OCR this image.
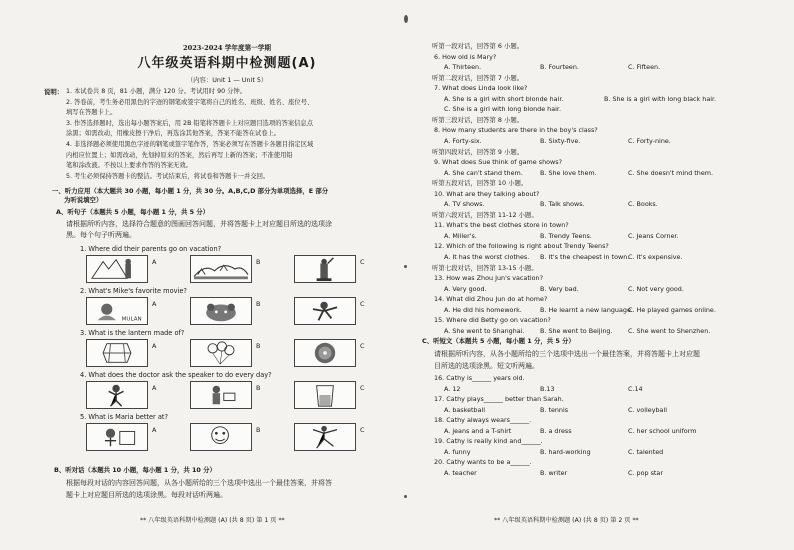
2023-2024 学年度第一学期
八年级英语科期中检测题(A)
（内容：Unit 1 — Unit 5）
说明： 1. 本试卷共 8 页，81 小题，满分 120 分。考试用时 90 分钟。
2. 答卷前，考生务必用黑色的字迹的钢笔或签字笔将自己的姓名、班级、姓名、座位号、
填写在答题卡上。
3. 作答选择题时，选出每小题答案后，用 2B 铅笔将答题卡上对应题目选项的答案信息点
涂黑；如需改动，用橡皮擦干净后，再选涂其他答案，答案不能答在试卷上。
4. 非选择题必须使用黑色字迹的钢笔或签字笔作答，答案必须写在答题卡各题目指定区域
内相应位置上；如需改动，先划掉原来的答案，然后再写上新的答案；不准使用铅
笔和涂改液。不按以上要求作答的答案无效。
5. 考生必须保持答题卡的整洁。考试结束后，将试卷和答题卡一并交回。
一、听力应用（本大题共 30 小题，每小题 1 分，共 30 分。A,B,C,D 部分为单项选择，E 部分
为听说填空）
A、听句子（本题共 5 小题，每小题 1 分，共 5 分）
请根据所听内容，选择符合题意的图画回答问题，并将答题卡上对应题目所选的选项涂
黑。每个句子听两遍。
1. Where did their parents go on vacation?
A	B	C
2. What's Mike's favorite movie?
MULAN
A	B	C
3. What is the lantern made of?
A	B	C
4. What does the doctor ask the speaker to do every day?
A	B	C
5. What is Maria better at?
A	B	C
B、听对话（本题共 10 小题，每小题 1 分，共 10 分）
根据每段对话的内容回答问题，从各小题所给的三个选项中选出一个最佳答案，并将答
题卡上对应题目所选的选项涂黑。每段对话听两遍。
听第一段对话，回答第 6 小题。
6. How old is Mary?
A. Thirteen.	B. Fourteen.	C. Fifteen.
听第二段对话，回答第 7 小题。
7. What does Linda look like?
A. She is a girl with short blonde hair.	B. She is a girl with long black hair.
C. She is a girl with long blonde hair.
听第三段对话，回答第 8 小题。
8. How many students are there in the boy's class?
A. Forty-six.	B. Sixty-five.	C. Forty-nine.
听第四段对话，回答第 9 小题。
9. What does Sue think of game shows?
A. She can't stand them.	B. She love them.	C. She doesn't mind them.
听第五段对话，回答第 10 小题。
10. What are they talking about?
A. TV shows.	B. Talk shows.	C. Books.
听第六段对话，回答第 11-12 小题。
11. What's the best clothes store in town?
A. Miller's.	B. Trendy Teens.	C. Jeans Corner.
12. Which of the following is right about Trendy Teens?
A. It has the worst clothes. B. It's the cheapest in town.
C. It's expensive.
听第七段对话，回答第 13-15 小题。
13. How was Zhou Jun's vacation?
A. Very good.	B. Very bad.	C. Not very good.
14. What did Zhou Jun do at home?
A. He did his homework.	B. He learnt a new language.
C. He played games online.
15. Where did Betty go on vacation?
A. She went to Shanghai. B. She went to Beijing. C. She went to Shenzhen.
C、听短文（本题共 5 小题，每小题 1 分，共 5 分）
请根据所听内容，从各小题所给的三个选项中选出一个最佳答案，并将答题卡上对应题
目所选的选项涂黑。短文听两遍。
16. Cathy is______ years old.
A. 12	B.13	C.14
17. Cathy plays______ better than Sarah.
A. basketball	B. tennis	C. volleyball
18. Cathy always wears______.
A. jeans and a T-shirt	B. a dress	C. her school uniform
19. Cathy is really kind and______.
A. funny	B. hard-working	C. talented
20. Cathy wants to be a______.
A. teacher	B. writer	C. pop star
** 八年级英语科期中检测题 (A) (共 8 页) 第 1 页 **	** 八年级英语科期中检测题 (A) (共 8 页) 第 2 页 **
